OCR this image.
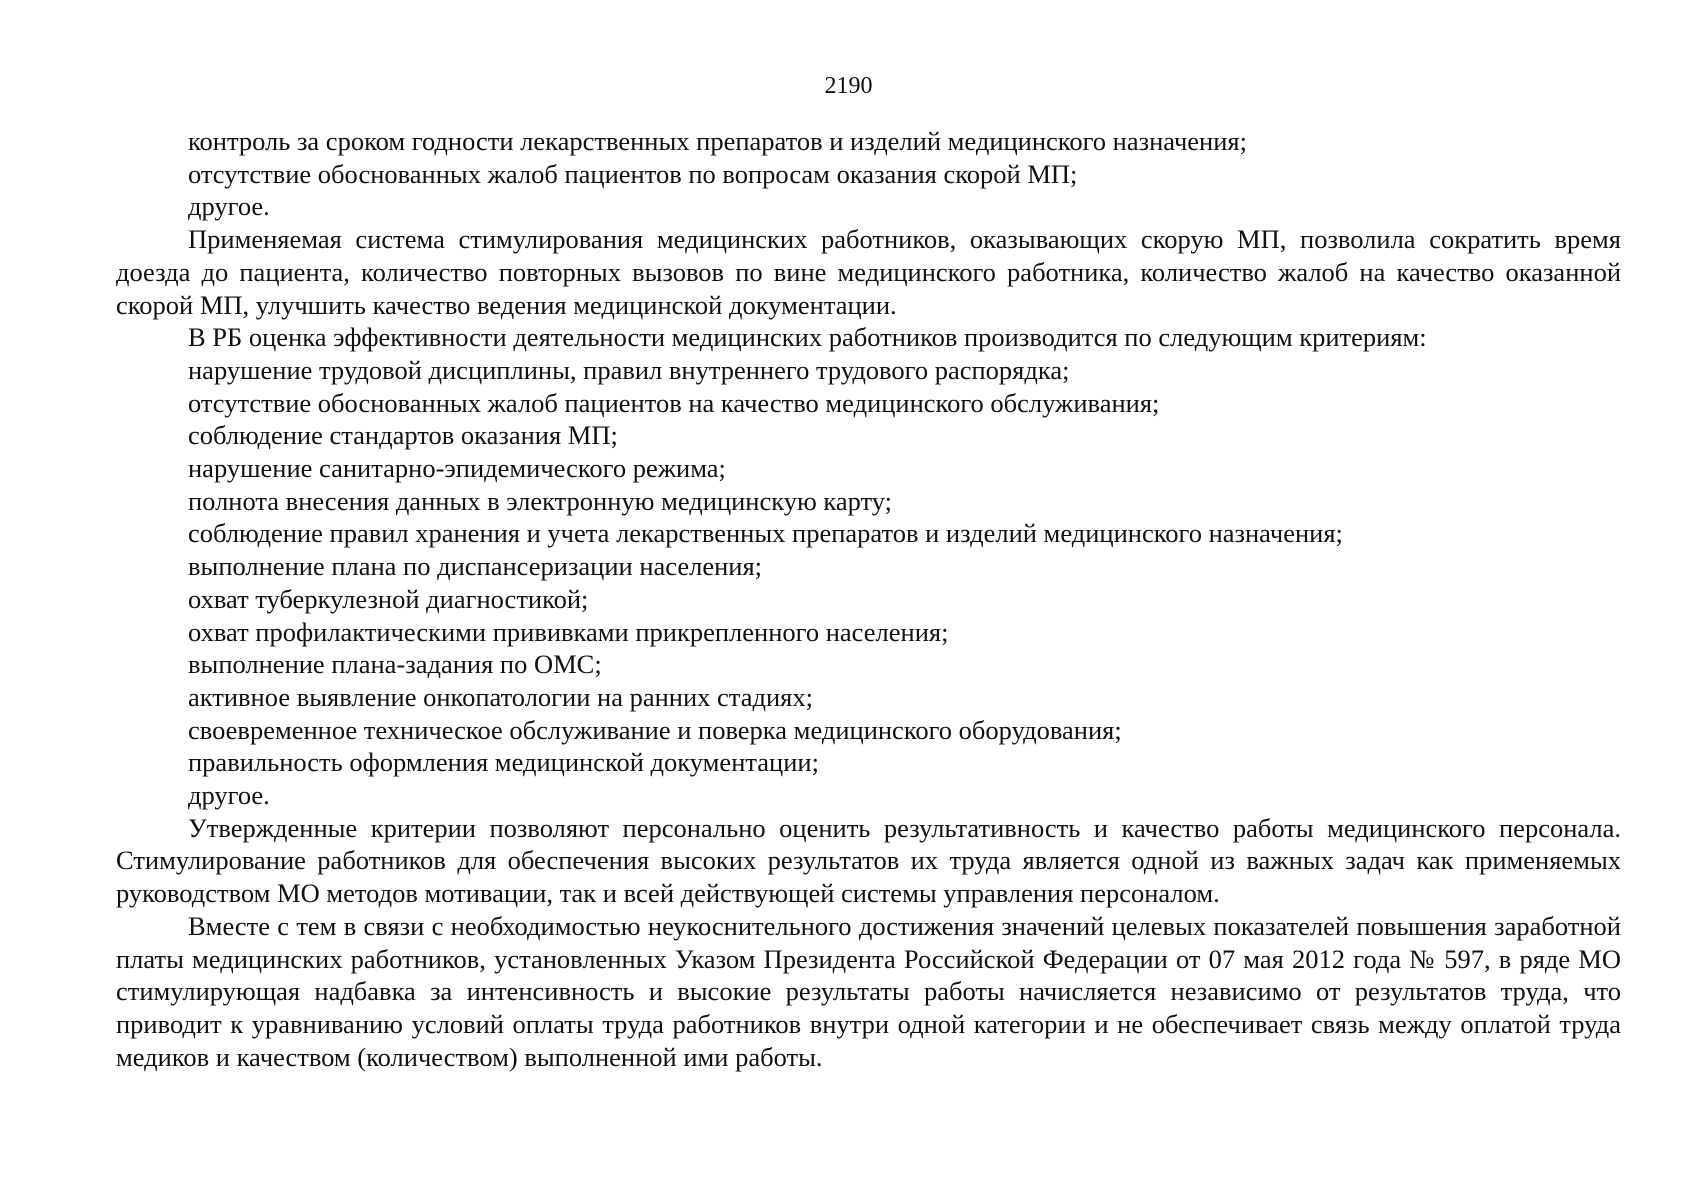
2190

контроль за сроком годности лекарственных препаратов и изделий медицинского назначения;

отсутствие обоснованных жалоб пациентов по вопросам оказания скорой МП;

другое.

Применяемая система стимулирования медицинских работников, оказывающих скорую МП, позволила сократить время доезда до пациента, количество повторных вызовов по вине медицинского работника, количество жалоб на качество оказанной скорой МП, улучшить качество ведения медицинской документации.

В РБ оценка эффективности деятельности медицинских работников производится по следующим критериям:

нарушение трудовой дисциплины, правил внутреннего трудового распорядка;

отсутствие обоснованных жалоб пациентов на качество медицинского обслуживания;

соблюдение стандартов оказания МП;

нарушение санитарно-эпидемического режима;

полнота внесения данных в электронную медицинскую карту;

соблюдение правил хранения и учета лекарственных препаратов и изделий медицинского назначения;

выполнение плана по диспансеризации населения;

охват туберкулезной диагностикой;

охват профилактическими прививками прикрепленного населения;

выполнение плана-задания по ОМС;

активное выявление онкопатологии на ранних стадиях;

своевременное техническое обслуживание и поверка медицинского оборудования;

правильность оформления медицинской документации;

другое.

Утвержденные критерии позволяют персонально оценить результативность и качество работы медицинского персонала. Стимулирование работников для обеспечения высоких результатов их труда является одной из важных задач как применяемых руководством МО методов мотивации, так и всей действующей системы управления персоналом.

Вместе с тем в связи с необходимостью неукоснительного достижения значений целевых показателей повышения заработной платы медицинских работников, установленных Указом Президента Российской Федерации от 07 мая 2012 года № 597, в ряде МО стимулирующая надбавка за интенсивность и высокие результаты работы начисляется независимо от результатов труда, что приводит к уравниванию условий оплаты труда работников внутри одной категории и не обеспечивает связь между оплатой труда медиков и качеством (количеством) выполненной ими работы.
